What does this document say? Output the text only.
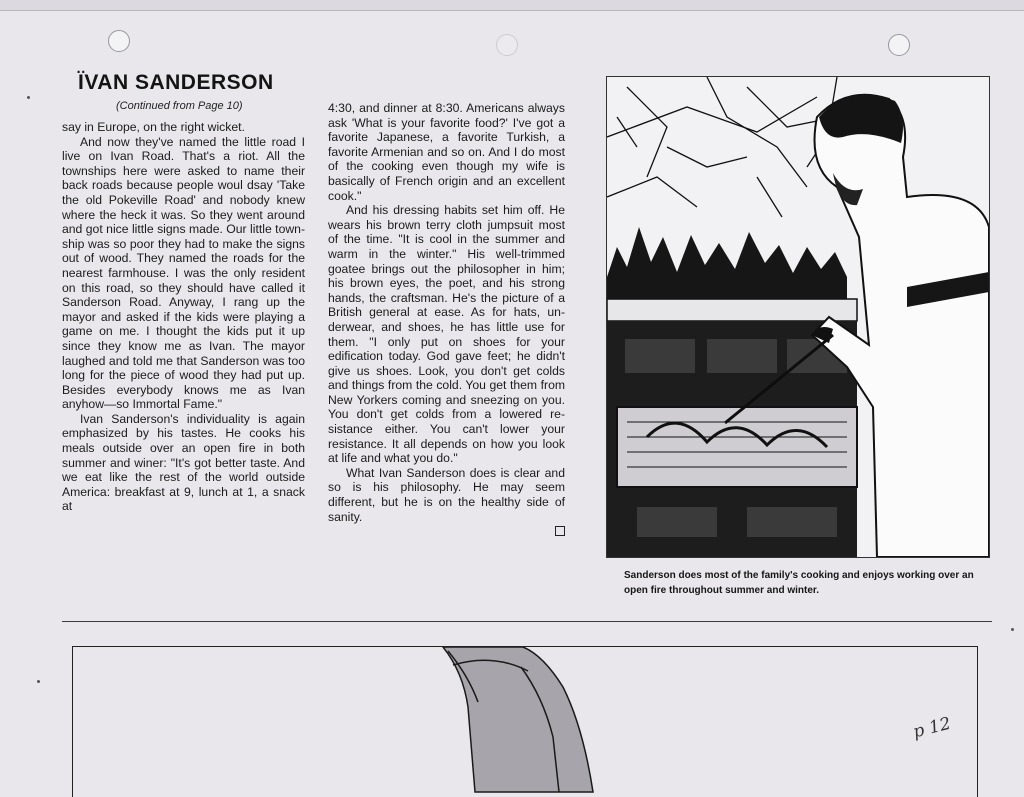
ÏVAN SANDERSON
(Continued from Page 10)

say in Europe, on the right wicket.

And now they've named the little road I live on Ivan Road. That's a riot. All the townships here were asked to name their back roads because people woul dsay 'Take the old Pokeville Road' and nobody knew where the heck it was. So they went around and got nice little signs made. Our little township was so poor they had to make the signs out of wood. They named the roads for the nearest farmhouse. I was the only resident on this road, so they should have called it Sanderson Road. Anyway, I rang up the mayor and asked if the kids were playing a game on me. I thought the kids put it up since they know me as Ivan. The mayor laughed and told me that Sanderson was too long for the piece of wood they had put up. Besides everybody knows me as Ivan anyhow—so Immortal Fame."

Ivan Sanderson's individuality is again emphasized by his tastes. He cooks his meals outside over an open fire in both summer and winer: "It's got better taste. And we eat like the rest of the world outside America: breakfast at 9, lunch at 1, a snack at

4:30, and dinner at 8:30. Americans always ask 'What is your favorite food?' I've got a favorite Japanese, a favorite Turkish, a favorite Armenian and so on. And I do most of the cooking even though my wife is basically of French origin and an excellent cook."

And his dressing habits set him off. He wears his brown terry cloth jumpsuit most of the time. "It is cool in the summer and warm in the winter." His well-trimmed goatee brings out the philosopher in him; his brown eyes, the poet, and his strong hands, the craftsman. He's the picture of a British general at ease. As for hats, underwear, and shoes, he has little use for them. "I only put on shoes for your edification today. God gave feet; he didn't give us shoes. Look, you don't get colds and things from the cold. You get them from New Yorkers coming and sneezing on you. You don't get colds from a lowered resistance either. You can't lower your resistance. It all depends on how you look at life and what you do."

What Ivan Sanderson does is clear and so is his philosophy. He may seem different, but he is on the healthy side of sanity.

Sanderson does most of the family's cooking and enjoys working over an open fire throughout summer and winter.
p 12
